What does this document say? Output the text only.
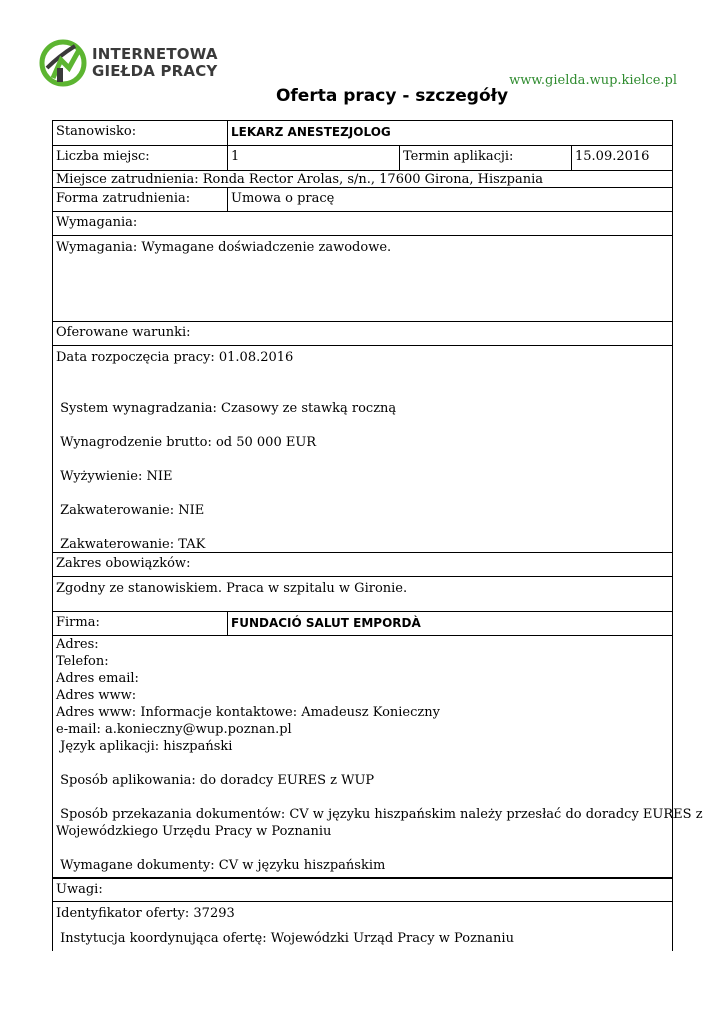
INTERNETOWA
GIEŁDA PRACY
www.gielda.wup.kielce.pl
Oferta pracy - szczegóły
Stanowisko:	LEKARZ ANESTEZJOLOG
Liczba miejsc:	1	Termin aplikacji:	15.09.2016
Miejsce zatrudnienia: Ronda Rector Arolas, s/n., 17600 Girona, Hiszpania
Forma zatrudnienia:	Umowa o pracę
Wymagania:

Wymagania: Wymagane doświadczenie zawodowe.

Oferowane warunki:

Data rozpoczęcia pracy: 01.08.2016

System wynagradzania: Czasowy ze stawką roczną

Wynagrodzenie brutto: od 50 000 EUR

Wyżywienie: NIE

Zakwaterowanie: NIE

Zakwaterowanie: TAK

Zakres obowiązków:

Zgodny ze stanowiskiem. Praca w szpitalu w Gironie.

Firma:	FUNDACIÓ SALUT EMPORDÀ

Adres:

Telefon:

Adres email:

Adres www:

Adres www: Informacje kontaktowe: Amadeusz Konieczny

e-mail: a.konieczny@wup.poznan.pl

Język aplikacji: hiszpański

Sposób aplikowania: do doradcy EURES z WUP

Sposób przekazania dokumentów: CV w języku hiszpańskim należy przesłać do doradcy EURES z

Wojewódzkiego Urzędu Pracy w Poznaniu

Wymagane dokumenty: CV w języku hiszpańskim

Uwagi:

Identyfikator oferty: 37293

Instytucja koordynująca ofertę: Wojewódzki Urząd Pracy w Poznaniu
